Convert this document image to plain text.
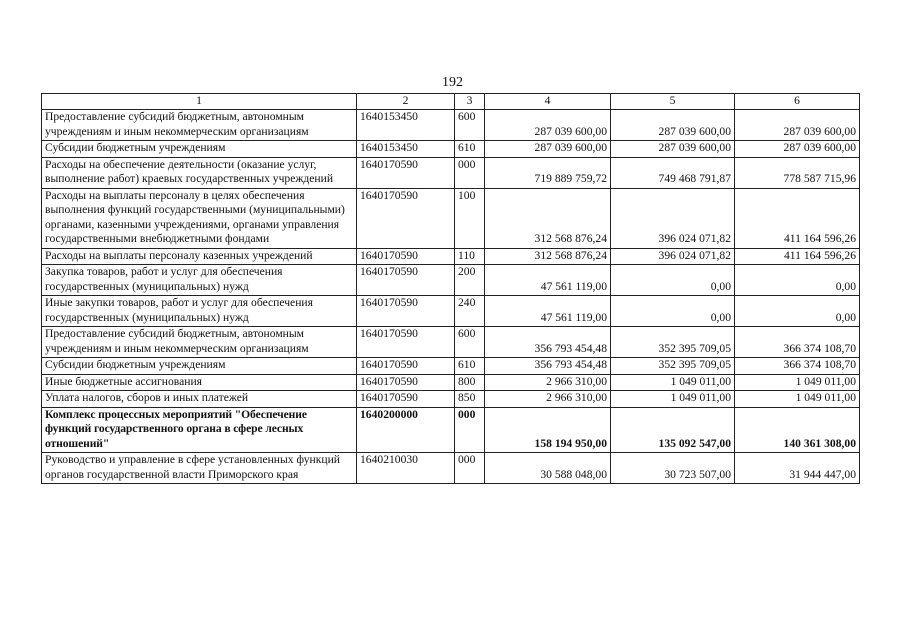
192
1	2	3	4	5	6
Предоставление субсидий бюджетным, автономным учреждениям и иным некоммерческим организациям	1640153450	600	287 039 600,00	287 039 600,00	287 039 600,00
Субсидии бюджетным учреждениям	1640153450	610	287 039 600,00	287 039 600,00	287 039 600,00
Расходы на обеспечение деятельности (оказание услуг, выполнение работ) краевых государственных учреждений	1640170590	000	719 889 759,72	749 468 791,87	778 587 715,96
Расходы на выплаты персоналу в целях обеспечения выполнения функций государственными (муниципальными) органами, казенными учреждениями, органами управления государственными внебюджетными фондами	1640170590	100	312 568 876,24	396 024 071,82	411 164 596,26
Расходы на выплаты персоналу казенных учреждений	1640170590	110	312 568 876,24	396 024 071,82	411 164 596,26
Закупка товаров, работ и услуг для обеспечения государственных (муниципальных) нужд	1640170590	200	47 561 119,00	0,00	0,00
Иные закупки товаров, работ и услуг для обеспечения государственных (муниципальных) нужд	1640170590	240	47 561 119,00	0,00	0,00
Предоставление субсидий бюджетным, автономным учреждениям и иным некоммерческим организациям	1640170590	600	356 793 454,48	352 395 709,05	366 374 108,70
Субсидии бюджетным учреждениям	1640170590	610	356 793 454,48	352 395 709,05	366 374 108,70
Иные бюджетные ассигнования	1640170590	800	2 966 310,00	1 049 011,00	1 049 011,00
Уплата налогов, сборов и иных платежей	1640170590	850	2 966 310,00	1 049 011,00	1 049 011,00
Комплекс процессных мероприятий "Обеспечение функций государственного органа в сфере лесных отношений"	1640200000	000	158 194 950,00	135 092 547,00	140 361 308,00
Руководство и управление в сфере установленных функций органов государственной власти Приморского края	1640210030	000	30 588 048,00	30 723 507,00	31 944 447,00
